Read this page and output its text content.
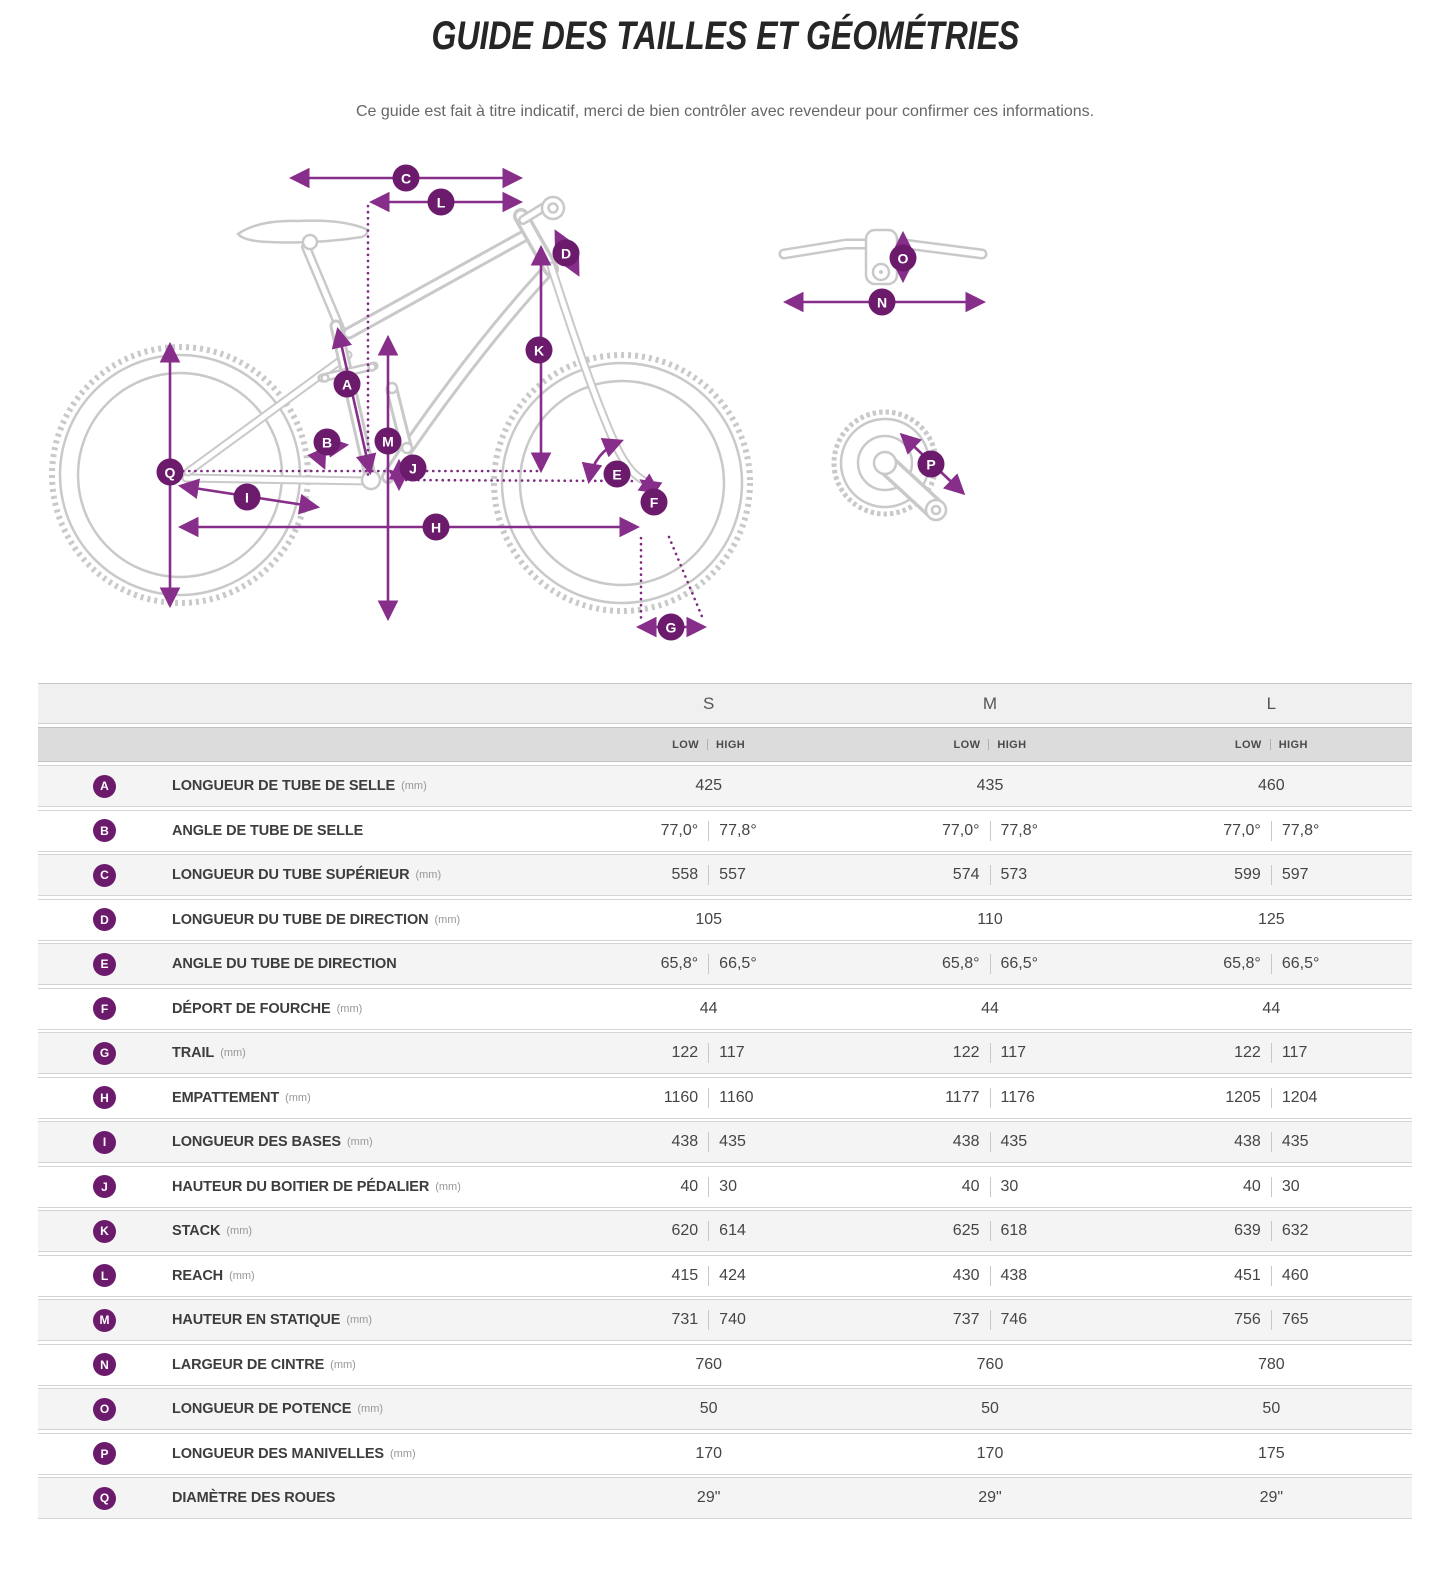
GUIDE DES TAILLES ET GÉOMÉTRIES

Ce guide est fait à titre indicatif, merci de bien contrôler avec revendeur pour confirmer ces informations.

A
B
C
D
E
F
G
H
I
J
K
L
M
N
O
P
Q
S	M	L
LOW HIGH	LOW HIGH	LOW HIGH
A	LONGUEUR DE TUBE DE SELLE (mm)	425	435	460
B	ANGLE DE TUBE DE SELLE	77,0° 77,8°	77,0° 77,8°	77,0° 77,8°
C	LONGUEUR DU TUBE SUPÉRIEUR (mm)	558 557	574 573	599 597
D	LONGUEUR DU TUBE DE DIRECTION (mm)	105	110	125
E	ANGLE DU TUBE DE DIRECTION	65,8° 66,5°	65,8° 66,5°	65,8° 66,5°
F	DÉPORT DE FOURCHE (mm)	44	44	44
G	TRAIL (mm)	122 117	122 117	122 117
H	EMPATTEMENT (mm)	1160 1160	1177 1176	1205 1204
I	LONGUEUR DES BASES (mm)	438 435	438 435	438 435
J	HAUTEUR DU BOITIER DE PÉDALIER (mm)	40 30	40 30	40 30
K	STACK (mm)	620 614	625 618	639 632
L	REACH (mm)	415 424	430 438	451 460
M	HAUTEUR EN STATIQUE (mm)	731 740	737 746	756 765
N	LARGEUR DE CINTRE (mm)	760	760	780
O	LONGUEUR DE POTENCE (mm)	50	50	50
P	LONGUEUR DES MANIVELLES (mm)	170	170	175
Q	DIAMÈTRE DES ROUES	29"	29"	29"
